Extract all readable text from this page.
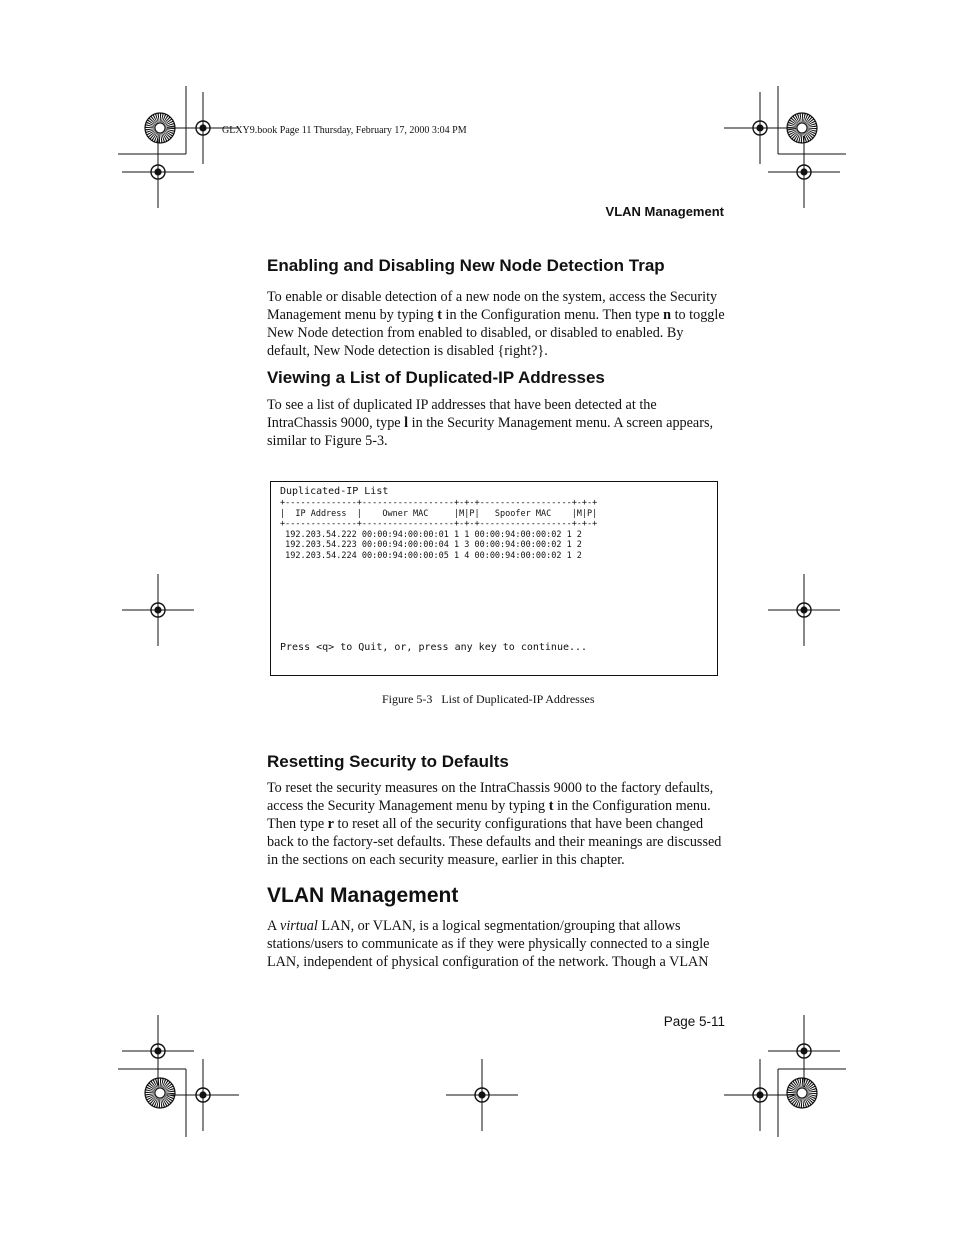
GLXY9.book Page 11 Thursday, February 17, 2000 3:04 PM
VLAN Management
Enabling and Disabling New Node Detection Trap

To enable or disable detection of a new node on the system, access the Security Management menu by typing t in the Configuration menu. Then type n to toggle New Node detection from enabled to disabled, or disabled to enabled. By default, New Node detection is disabled {right?}.

Viewing a List of Duplicated-IP Addresses

To see a list of duplicated IP addresses that have been detected at the IntraChassis 9000, type l in the Security Management menu. A screen appears, similar to Figure 5-3.

Duplicated-IP List
+--------------+------------------+-+-+------------------+-+-+
|  IP Address  |    Owner MAC     |M|P|   Spoofer MAC    |M|P|
+--------------+------------------+-+-+------------------+-+-+
192.203.54.222 00:00:94:00:00:01 1 1 00:00:94:00:00:02 1 2
192.203.54.223 00:00:94:00:00:04 1 3 00:00:94:00:00:02 1 2
192.203.54.224 00:00:94:00:00:05 1 4 00:00:94:00:00:02 1 2
Press <q> to Quit, or, press any key to continue...
Figure 5-3   List of Duplicated-IP Addresses
Resetting Security to Defaults

To reset the security measures on the IntraChassis 9000 to the factory defaults, access the Security Management menu by typing t in the Configuration menu. Then type r to reset all of the security configurations that have been changed back to the factory-set defaults. These defaults and their meanings are discussed in the sections on each security measure, earlier in this chapter.

VLAN Management

A virtual LAN, or VLAN, is a logical segmentation/grouping that allows stations/users to communicate as if they were physically connected to a single LAN, independent of physical configuration of the network. Though a VLAN

Page 5-11
